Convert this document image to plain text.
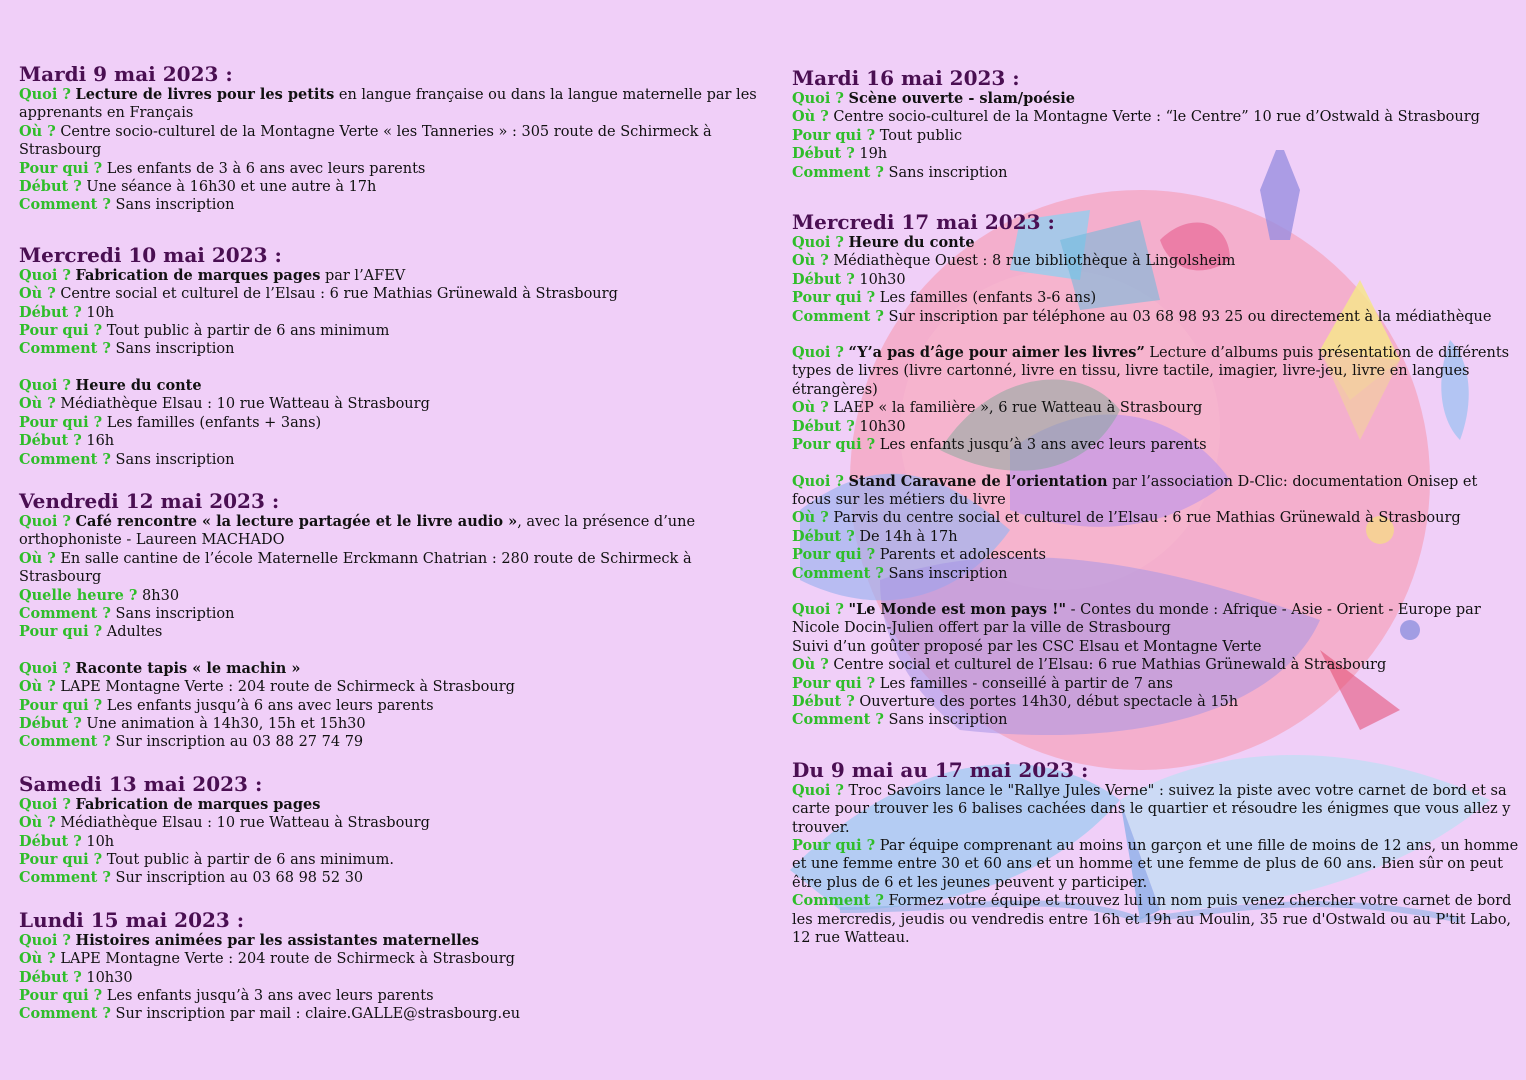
Mardi 9 mai 2023 :
Quoi ? Lecture de livres pour les petits en langue française ou dans la langue maternelle par les apprenants en Français
Où ? Centre socio-culturel de la Montagne Verte « les Tanneries » : 305 route de Schirmeck à Strasbourg
Pour qui ? Les enfants de 3 à 6 ans avec leurs parents
Début ? Une séance à 16h30 et une autre à 17h
Comment ? Sans inscription
Mercredi 10 mai 2023 :
Quoi ? Fabrication de marques pages par l’AFEV
Où ? Centre social et culturel de l’Elsau : 6 rue Mathias Grünewald à Strasbourg
Début ? 10h
Pour qui ? Tout public à partir de 6 ans minimum
Comment ? Sans inscription
Quoi ? Heure du conte
Où ? Médiathèque Elsau : 10 rue Watteau à Strasbourg
Pour qui ? Les familles (enfants + 3ans)
Début ? 16h
Comment ? Sans inscription
Vendredi 12 mai 2023 :
Quoi ? Café rencontre « la lecture partagée et le livre audio », avec la présence d’une orthophoniste - Laureen MACHADO
Où ? En salle cantine de l’école Maternelle Erckmann Chatrian : 280 route de Schirmeck à Strasbourg
Quelle heure ? 8h30
Comment ? Sans inscription
Pour qui ? Adultes
Quoi ? Raconte tapis « le machin »
Où ? LAPE Montagne Verte : 204 route de Schirmeck à Strasbourg
Pour qui ? Les enfants jusqu’à 6 ans avec leurs parents
Début ? Une animation à 14h30, 15h et 15h30
Comment ? Sur inscription au 03 88 27 74 79
Samedi 13 mai 2023 :
Quoi ? Fabrication de marques pages
Où ? Médiathèque Elsau : 10 rue Watteau à Strasbourg
Début ? 10h
Pour qui ? Tout public à partir de 6 ans minimum.
Comment ? Sur inscription au 03 68 98 52 30
Lundi 15 mai 2023 :
Quoi ? Histoires animées par les assistantes maternelles
Où ? LAPE Montagne Verte : 204 route de Schirmeck à Strasbourg
Début ? 10h30
Pour qui ? Les enfants jusqu’à 3 ans avec leurs parents
Comment ? Sur inscription par mail : claire.GALLE@strasbourg.eu
Mardi 16 mai 2023 :
Quoi ? Scène ouverte - slam/poésie
Où ? Centre socio-culturel de la Montagne Verte : “le Centre” 10 rue d’Ostwald à Strasbourg
Pour qui ? Tout public
Début ? 19h
Comment ? Sans inscription
Mercredi 17 mai 2023 :
Quoi ? Heure du conte
Où ? Médiathèque Ouest : 8 rue bibliothèque à Lingolsheim
Début ? 10h30
Pour qui ? Les familles (enfants 3-6 ans)
Comment ? Sur inscription par téléphone au 03 68 98 93 25 ou directement à la médiathèque
Quoi ? “Y’a pas d’âge pour aimer les livres” Lecture d’albums puis présentation de différents types de livres (livre cartonné, livre en tissu, livre tactile, imagier, livre-jeu, livre en langues étrangères)
Où ? LAEP « la familière », 6 rue Watteau à Strasbourg
Début ? 10h30
Pour qui ? Les enfants jusqu’à 3 ans avec leurs parents
Quoi ? Stand Caravane de l’orientation par l’association D-Clic: documentation Onisep et focus sur les métiers du livre
Où ? Parvis du centre social et culturel de l’Elsau : 6 rue Mathias Grünewald à Strasbourg
Début ? De 14h à 17h
Pour qui ? Parents et adolescents
Comment ? Sans inscription
Quoi ? "Le Monde est mon pays !" - Contes du monde : Afrique - Asie - Orient - Europe par Nicole Docin-Julien offert par la ville de Strasbourg
Suivi d’un goûter proposé par les CSC Elsau et Montagne Verte
Où ? Centre social et culturel de l’Elsau: 6 rue Mathias Grünewald à Strasbourg
Pour qui ? Les familles - conseillé à partir de 7 ans
Début ? Ouverture des portes 14h30, début spectacle à 15h
Comment ? Sans inscription
Du 9 mai au 17 mai 2023 :
Quoi ? Troc Savoirs lance le "Rallye Jules Verne" : suivez la piste avec votre carnet de bord et sa carte pour trouver les 6 balises cachées dans le quartier et résoudre les énigmes que vous allez y trouver.
Pour qui ? Par équipe comprenant au moins un garçon et une fille de moins de 12 ans, un homme et une femme entre 30 et 60 ans et un homme et une femme de plus de 60 ans. Bien sûr on peut être plus de 6 et les jeunes peuvent y participer.
Comment ? Formez votre équipe et trouvez lui un nom puis venez chercher votre carnet de bord les mercredis, jeudis ou vendredis entre 16h et 19h au Moulin, 35 rue d'Ostwald ou au P'tit Labo, 12 rue Watteau.
